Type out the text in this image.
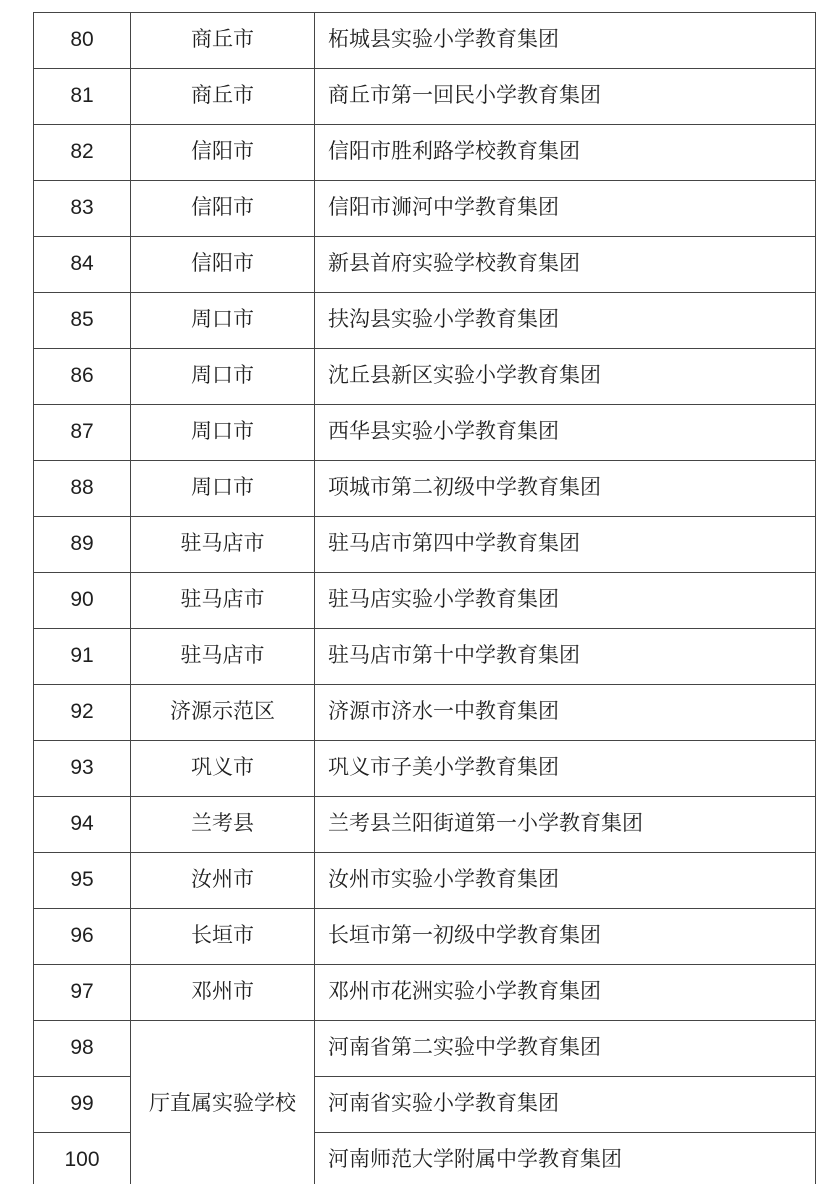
80	商丘市	柘城县实验小学教育集团
81	商丘市	商丘市第一回民小学教育集团
82	信阳市	信阳市胜利路学校教育集团
83	信阳市	信阳市浉河中学教育集团
84	信阳市	新县首府实验学校教育集团
85	周口市	扶沟县实验小学教育集团
86	周口市	沈丘县新区实验小学教育集团
87	周口市	西华县实验小学教育集团
88	周口市	项城市第二初级中学教育集团
89	驻马店市	驻马店市第四中学教育集团
90	驻马店市	驻马店实验小学教育集团
91	驻马店市	驻马店市第十中学教育集团
92	济源示范区	济源市济水一中教育集团
93	巩义市	巩义市子美小学教育集团
94	兰考县	兰考县兰阳街道第一小学教育集团
95	汝州市	汝州市实验小学教育集团
96	长垣市	长垣市第一初级中学教育集团
97	邓州市	邓州市花洲实验小学教育集团
98	厅直属实验学校	河南省第二实验中学教育集团
99		河南省实验小学教育集团
100		河南师范大学附属中学教育集团
